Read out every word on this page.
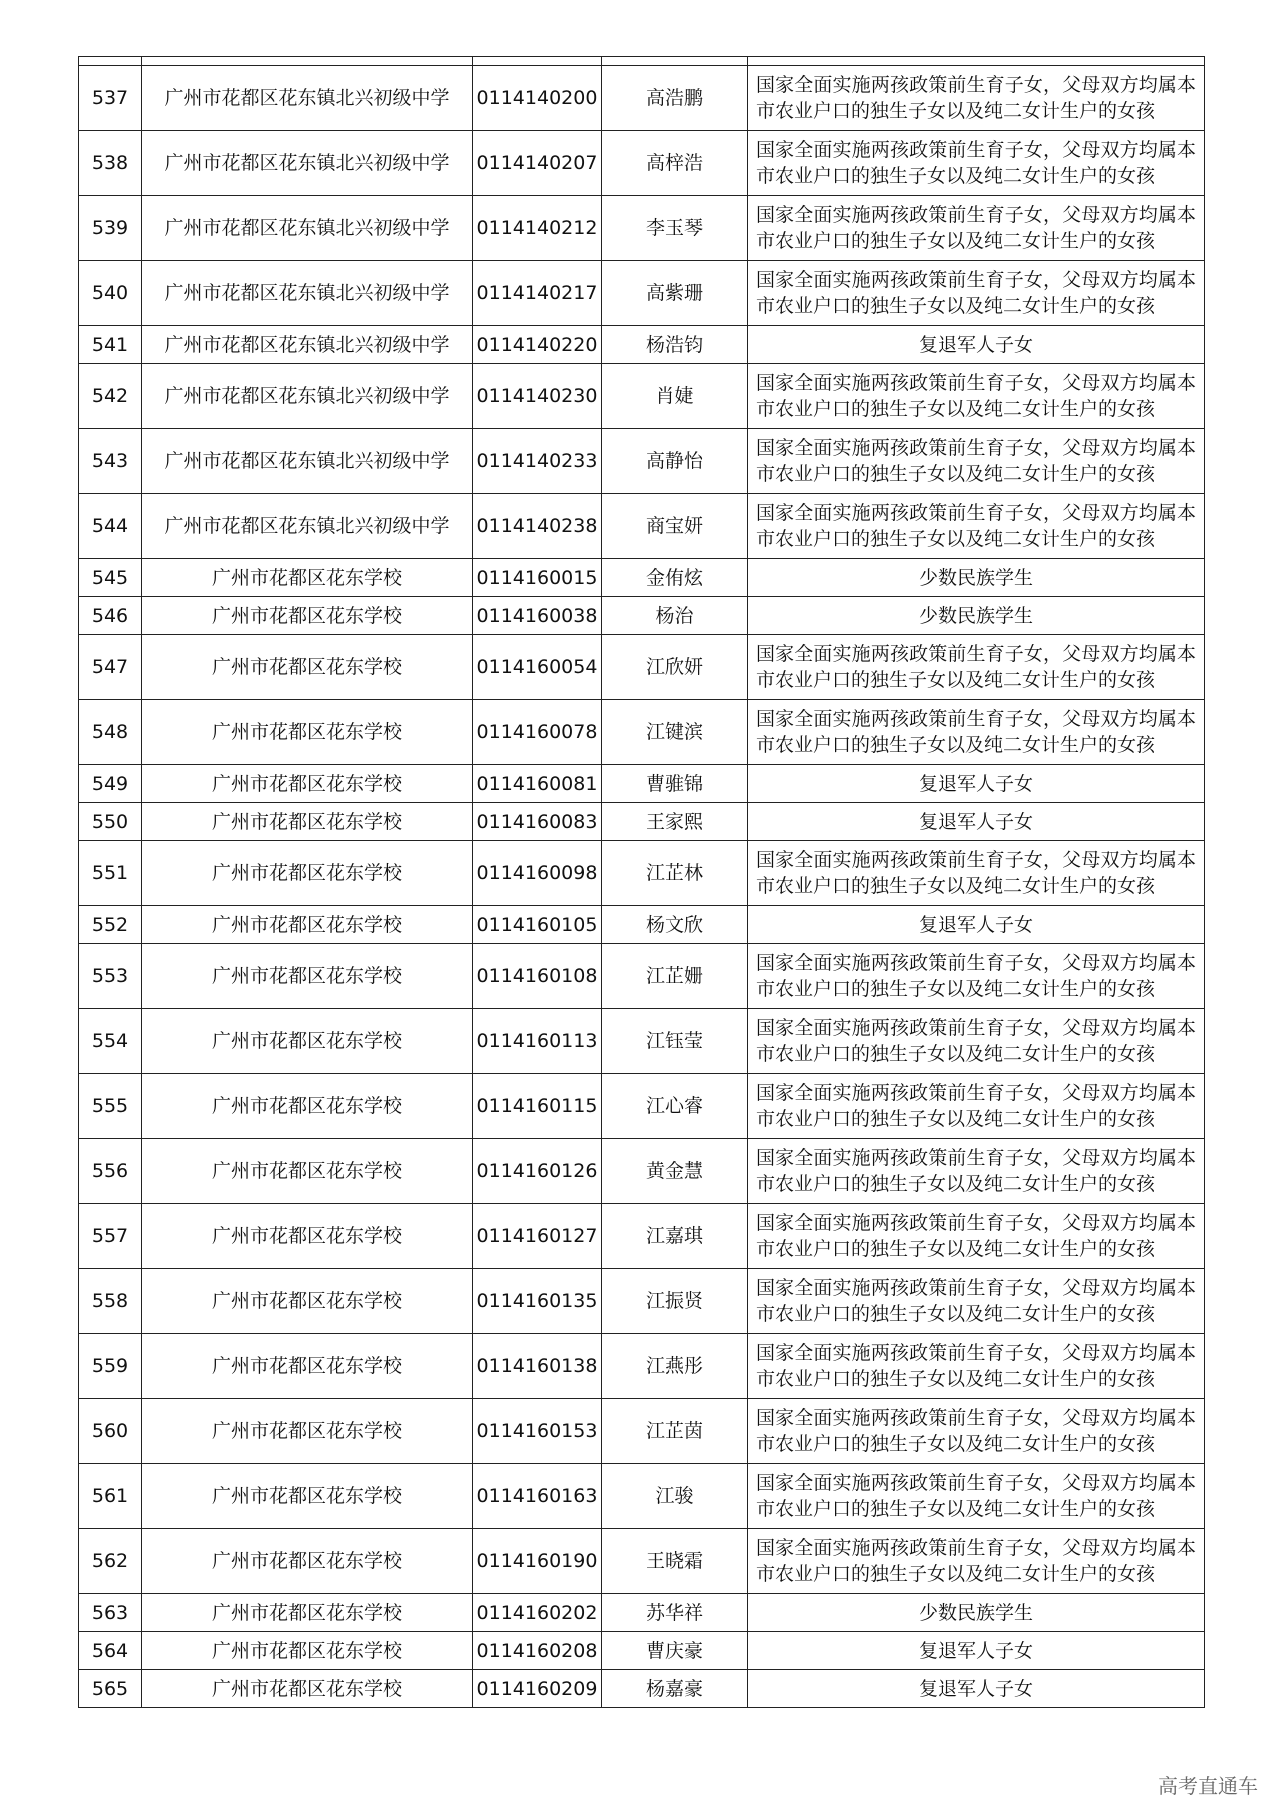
537	广州市花都区花东镇北兴初级中学	0114140200	高浩鹏	国家全面实施两孩政策前生育子女，父母双方均属本市农业户口的独生子女以及纯二女计生户的女孩
538	广州市花都区花东镇北兴初级中学	0114140207	高梓浩	国家全面实施两孩政策前生育子女，父母双方均属本市农业户口的独生子女以及纯二女计生户的女孩
539	广州市花都区花东镇北兴初级中学	0114140212	李玉琴	国家全面实施两孩政策前生育子女，父母双方均属本市农业户口的独生子女以及纯二女计生户的女孩
540	广州市花都区花东镇北兴初级中学	0114140217	高紫珊	国家全面实施两孩政策前生育子女，父母双方均属本市农业户口的独生子女以及纯二女计生户的女孩
541	广州市花都区花东镇北兴初级中学	0114140220	杨浩钧	复退军人子女
542	广州市花都区花东镇北兴初级中学	0114140230	肖婕	国家全面实施两孩政策前生育子女，父母双方均属本市农业户口的独生子女以及纯二女计生户的女孩
543	广州市花都区花东镇北兴初级中学	0114140233	高静怡	国家全面实施两孩政策前生育子女，父母双方均属本市农业户口的独生子女以及纯二女计生户的女孩
544	广州市花都区花东镇北兴初级中学	0114140238	商宝妍	国家全面实施两孩政策前生育子女，父母双方均属本市农业户口的独生子女以及纯二女计生户的女孩
545	广州市花都区花东学校	0114160015	金侑炫	少数民族学生
546	广州市花都区花东学校	0114160038	杨治	少数民族学生
547	广州市花都区花东学校	0114160054	江欣妍	国家全面实施两孩政策前生育子女，父母双方均属本市农业户口的独生子女以及纯二女计生户的女孩
548	广州市花都区花东学校	0114160078	江键滨	国家全面实施两孩政策前生育子女，父母双方均属本市农业户口的独生子女以及纯二女计生户的女孩
549	广州市花都区花东学校	0114160081	曹骓锦	复退军人子女
550	广州市花都区花东学校	0114160083	王家熙	复退军人子女
551	广州市花都区花东学校	0114160098	江芷林	国家全面实施两孩政策前生育子女，父母双方均属本市农业户口的独生子女以及纯二女计生户的女孩
552	广州市花都区花东学校	0114160105	杨文欣	复退军人子女
553	广州市花都区花东学校	0114160108	江芷姗	国家全面实施两孩政策前生育子女，父母双方均属本市农业户口的独生子女以及纯二女计生户的女孩
554	广州市花都区花东学校	0114160113	江钰莹	国家全面实施两孩政策前生育子女，父母双方均属本市农业户口的独生子女以及纯二女计生户的女孩
555	广州市花都区花东学校	0114160115	江心睿	国家全面实施两孩政策前生育子女，父母双方均属本市农业户口的独生子女以及纯二女计生户的女孩
556	广州市花都区花东学校	0114160126	黄金慧	国家全面实施两孩政策前生育子女，父母双方均属本市农业户口的独生子女以及纯二女计生户的女孩
557	广州市花都区花东学校	0114160127	江嘉琪	国家全面实施两孩政策前生育子女，父母双方均属本市农业户口的独生子女以及纯二女计生户的女孩
558	广州市花都区花东学校	0114160135	江振贤	国家全面实施两孩政策前生育子女，父母双方均属本市农业户口的独生子女以及纯二女计生户的女孩
559	广州市花都区花东学校	0114160138	江燕彤	国家全面实施两孩政策前生育子女，父母双方均属本市农业户口的独生子女以及纯二女计生户的女孩
560	广州市花都区花东学校	0114160153	江芷茵	国家全面实施两孩政策前生育子女，父母双方均属本市农业户口的独生子女以及纯二女计生户的女孩
561	广州市花都区花东学校	0114160163	江骏	国家全面实施两孩政策前生育子女，父母双方均属本市农业户口的独生子女以及纯二女计生户的女孩
562	广州市花都区花东学校	0114160190	王晓霜	国家全面实施两孩政策前生育子女，父母双方均属本市农业户口的独生子女以及纯二女计生户的女孩
563	广州市花都区花东学校	0114160202	苏华祥	少数民族学生
564	广州市花都区花东学校	0114160208	曹庆豪	复退军人子女
565	广州市花都区花东学校	0114160209	杨嘉豪	复退军人子女
高考直通车
